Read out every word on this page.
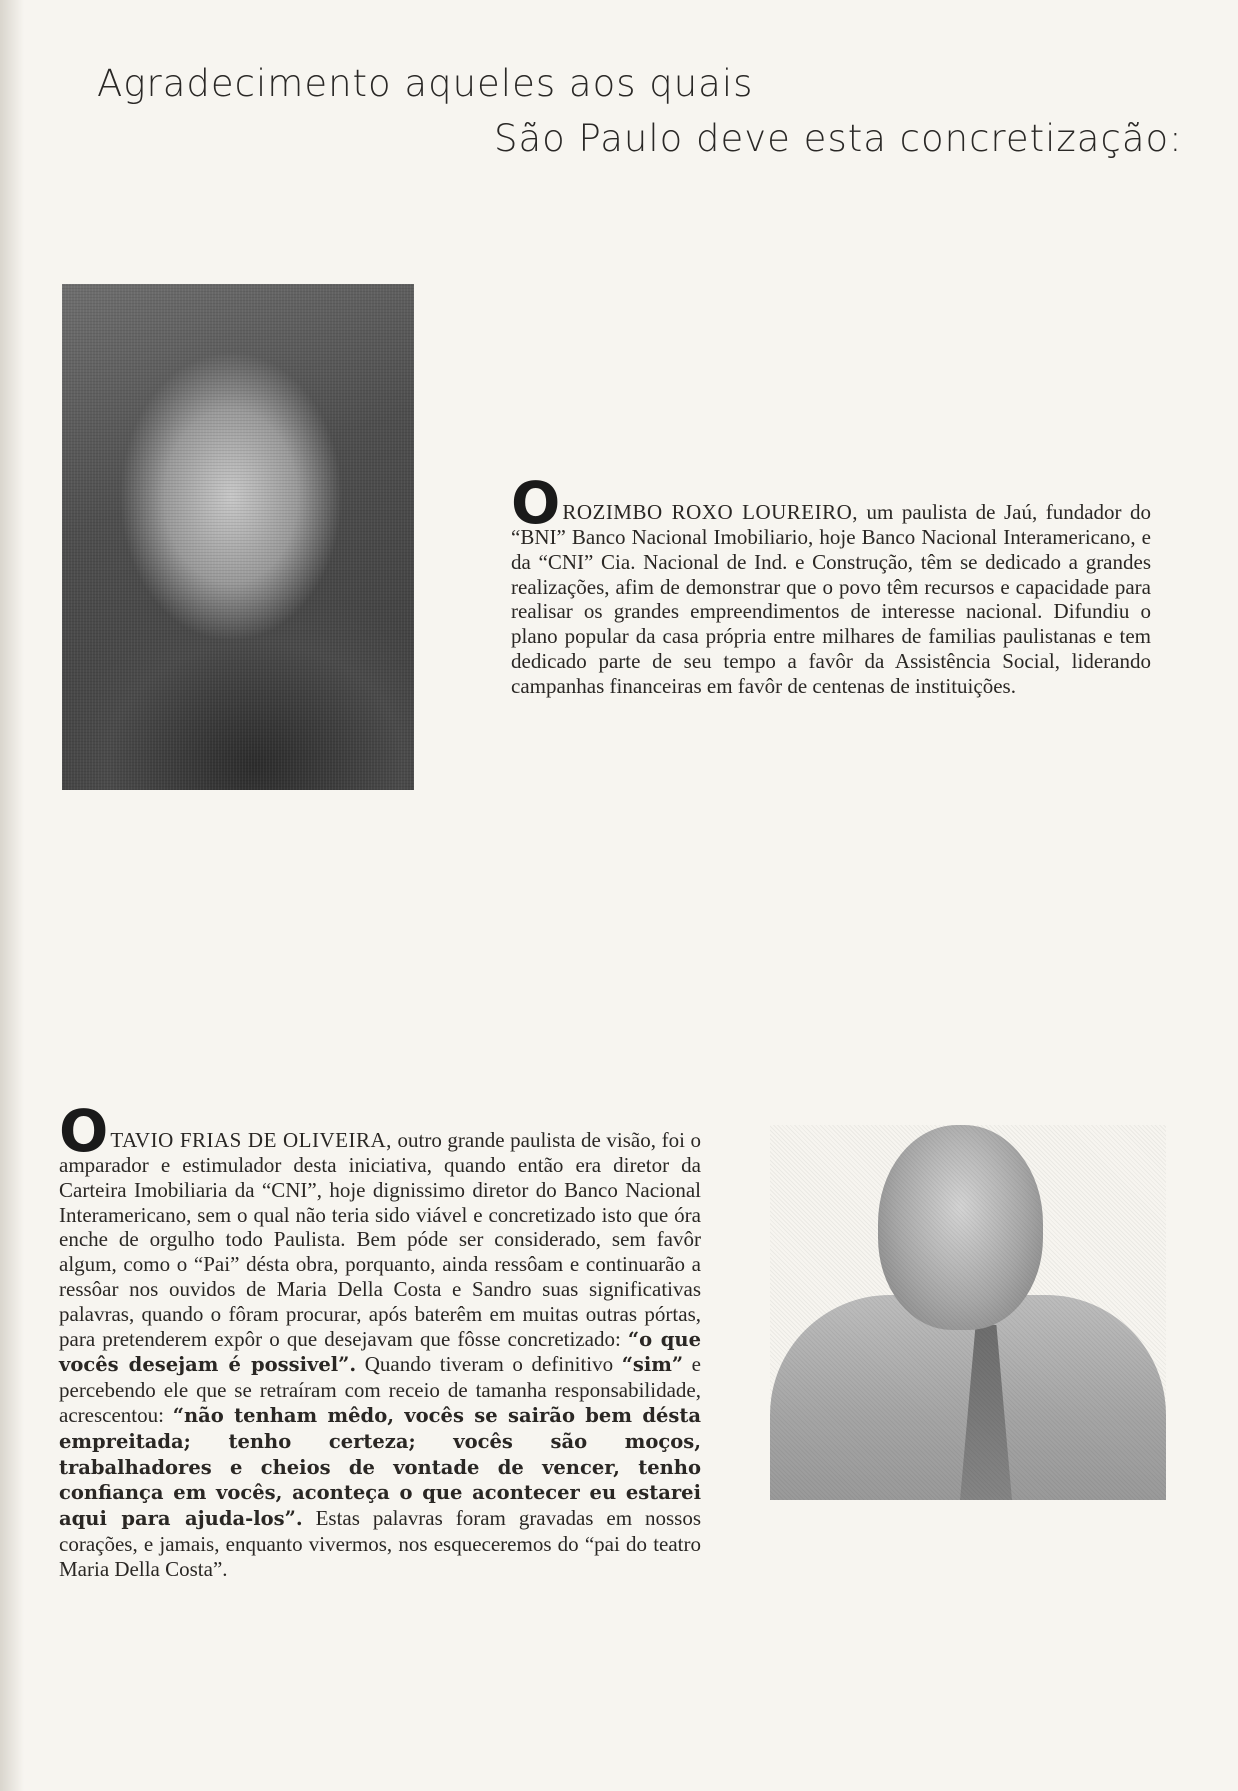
Agradecimento aqueles aos quais
São Paulo deve esta concretização:
OROZIMBO ROXO LOUREIRO, um paulista de Jaú, fundador do “BNI” Banco Nacional Imobiliario, hoje Banco Nacional Interamericano, e da “CNI” Cia. Nacional de Ind. e Construção, têm se dedicado a grandes realizações, afim de demonstrar que o povo têm recursos e capacidade para realisar os grandes empreendimentos de interesse nacional. Difundiu o plano popular da casa própria entre milhares de familias paulistanas e tem dedicado parte de seu tempo a favôr da Assistência Social, liderando campanhas financeiras em favôr de centenas de instituições.
OTAVIO FRIAS DE OLIVEIRA, outro grande paulista de visão, foi o amparador e estimulador desta iniciativa, quando então era diretor da Carteira Imobiliaria da “CNI”, hoje dignissimo diretor do Banco Nacional Interamericano, sem o qual não teria sido viável e concretizado isto que óra enche de orgulho todo Paulista. Bem póde ser considerado, sem favôr algum, como o “Pai” désta obra, porquanto, ainda ressôam e continuarão a ressôar nos ouvidos de Maria Della Costa e Sandro suas significativas palavras, quando o fôram procurar, após baterêm em muitas outras pórtas, para pretenderem expôr o que desejavam que fôsse concretizado: “o que vocês desejam é possivel”. Quando tiveram o definitivo “sim” e percebendo ele que se retraíram com receio de tamanha responsabilidade, acrescentou: “não tenham mêdo, vocês se sairão bem désta empreitada; tenho certeza; vocês são moços, trabalhadores e cheios de vontade de vencer, tenho confiança em vocês, aconteça o que acontecer eu estarei aqui para ajuda-los”. Estas palavras foram gravadas em nossos corações, e jamais, enquanto vivermos, nos esqueceremos do “pai do teatro Maria Della Costa”.
